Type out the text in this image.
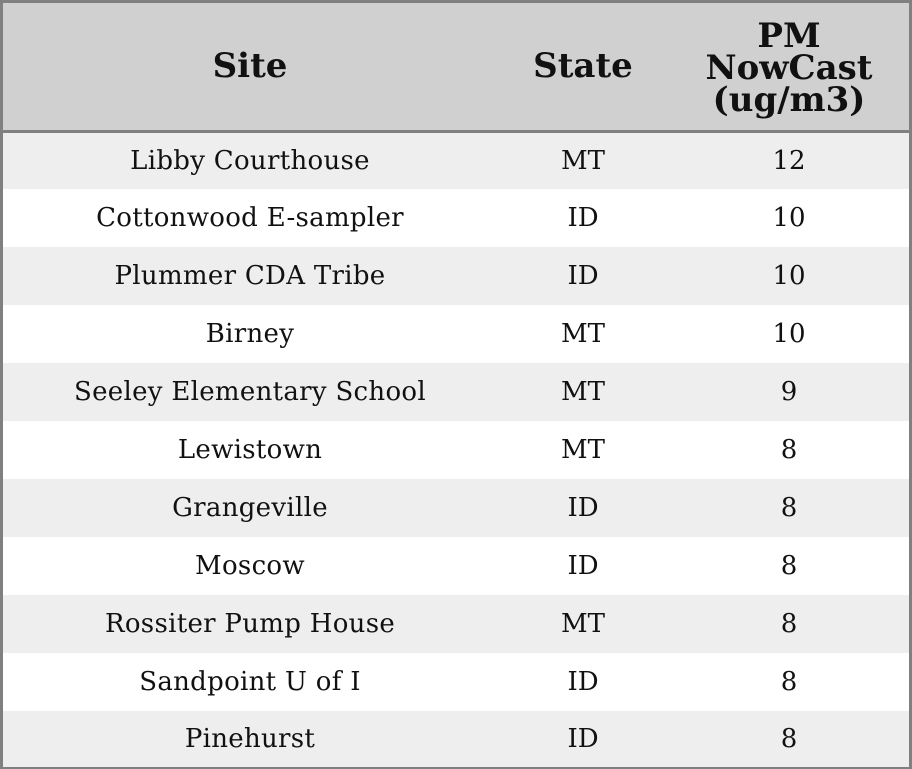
Site	State	PM
NowCast
(ug/m3)

Libby Courthouse	MT	12
Cottonwood E-sampler	ID	10
Plummer CDA Tribe	ID	10
Birney	MT	10
Seeley Elementary School	MT	9
Lewistown	MT	8
Grangeville	ID	8
Moscow	ID	8
Rossiter Pump House	MT	8
Sandpoint U of I	ID	8
Pinehurst	ID	8
